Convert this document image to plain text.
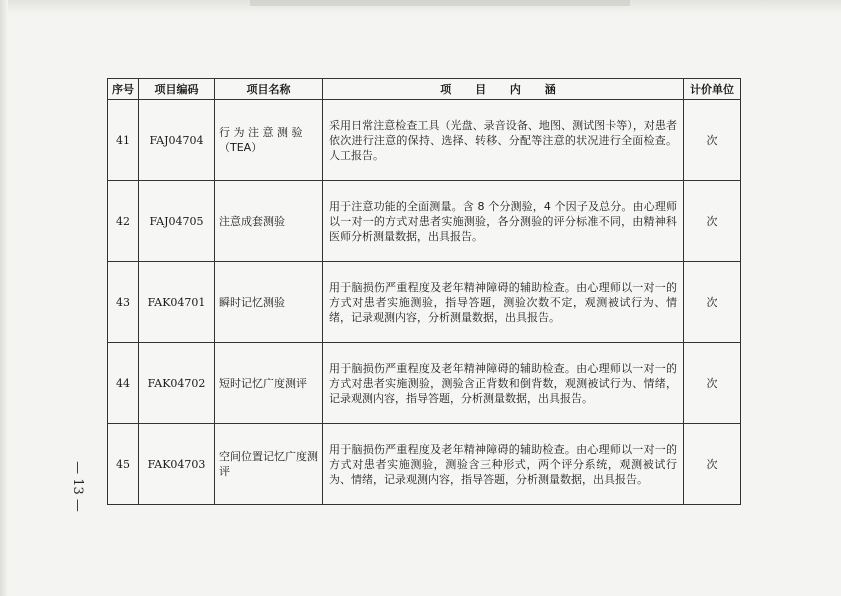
— 13 —
序号	项目编码	项目名称	项 目 内 涵	计价单位
41	FAJ04704	行 为 注 意 测 验（TEA）	采用日常注意检查工具（光盘、录音设备、地图、测试图卡等），对患者依次进行注意的保持、选择、转移、分配等注意的状况进行全面检查。人工报告。	次
42	FAJ04705	注意成套测验	用于注意功能的全面测量。含 8 个分测验，4 个因子及总分。由心理师以一对一的方式对患者实施测验，各分测验的评分标准不同，由精神科医师分析测量数据，出具报告。	次
43	FAK04701	瞬时记忆测验	用于脑损伤严重程度及老年精神障碍的辅助检查。由心理师以一对一的方式对患者实施测验，指导答题，测验次数不定，观测被试行为、情绪，记录观测内容，分析测量数据，出具报告。	次
44	FAK04702	短时记忆广度测评	用于脑损伤严重程度及老年精神障碍的辅助检查。由心理师以一对一的方式对患者实施测验，测验含正背数和倒背数，观测被试行为、情绪，记录观测内容，指导答题，分析测量数据，出具报告。	次
45	FAK04703	空间位置记忆广度测评	用于脑损伤严重程度及老年精神障碍的辅助检查。由心理师以一对一的方式对患者实施测验，测验含三种形式，两个评分系统，观测被试行为、情绪，记录观测内容，指导答题，分析测量数据，出具报告。	次
